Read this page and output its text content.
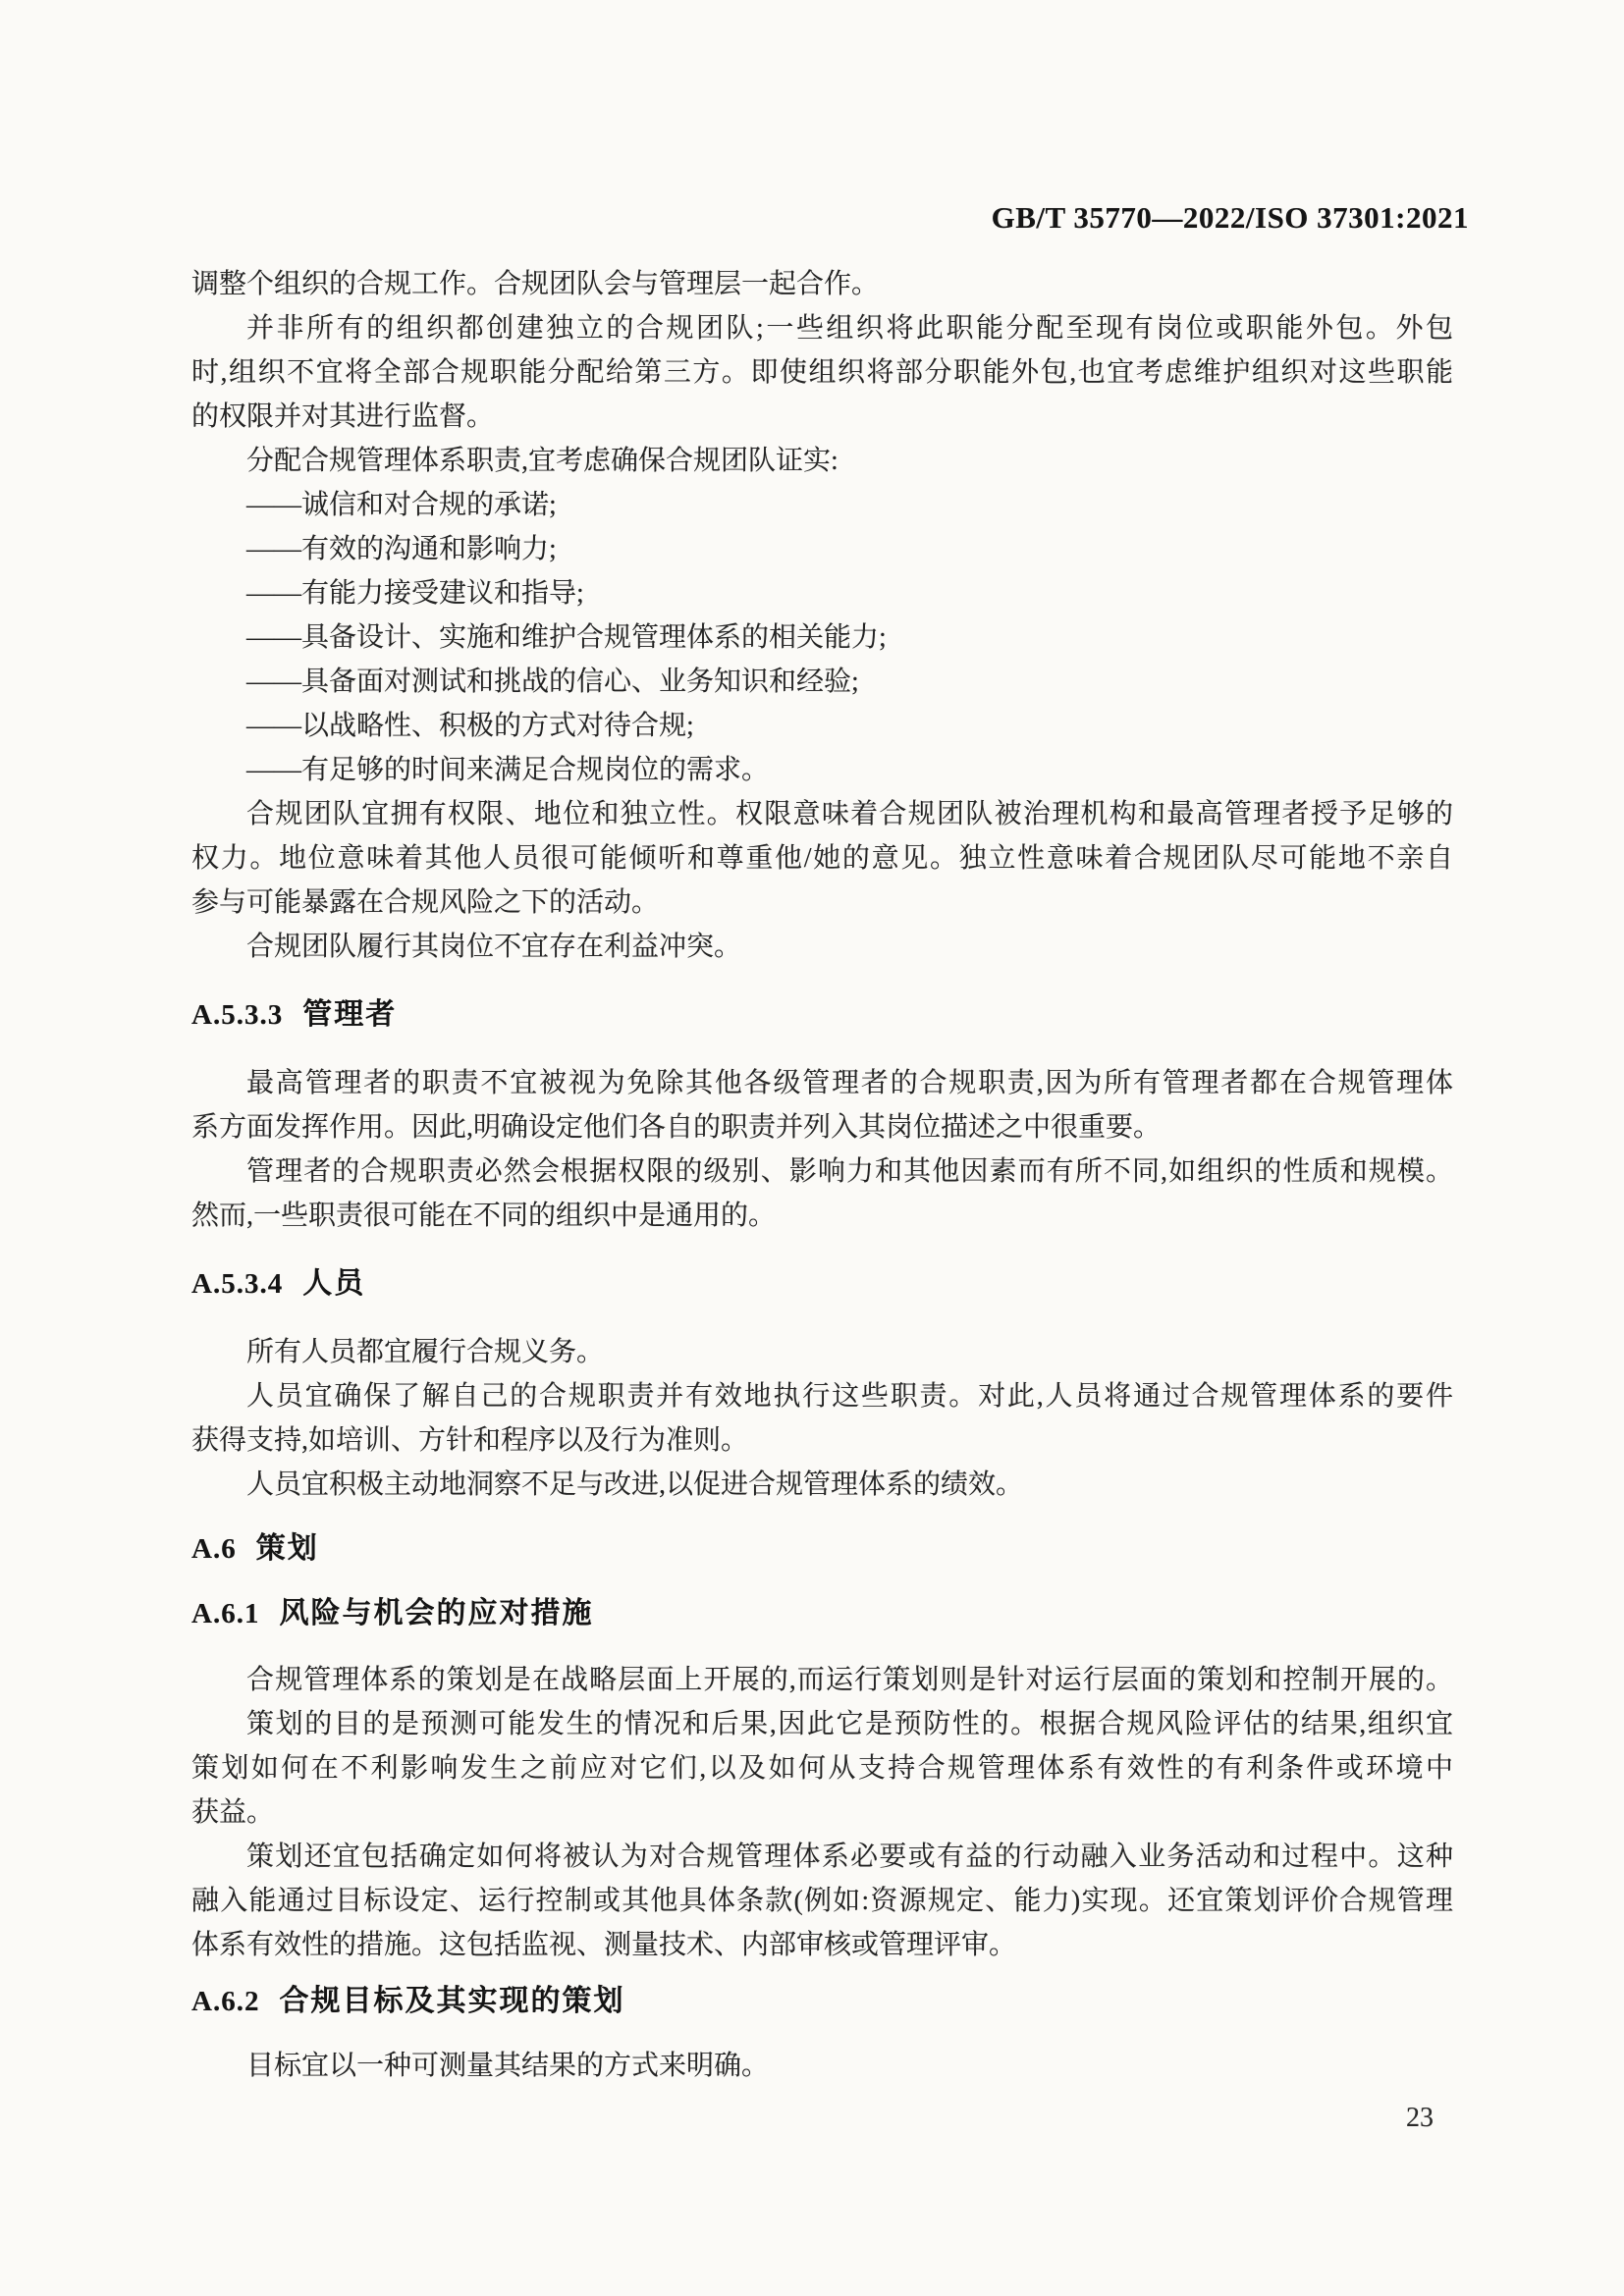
GB/T 35770—2022/ISO 37301:2021
调整个组织的合规工作。合规团队会与管理层一起合作。
并非所有的组织都创建独立的合规团队;一些组织将此职能分配至现有岗位或职能外包。外包
时,组织不宜将全部合规职能分配给第三方。即使组织将部分职能外包,也宜考虑维护组织对这些职能
的权限并对其进行监督。
分配合规管理体系职责,宜考虑确保合规团队证实:
——诚信和对合规的承诺;
——有效的沟通和影响力;
——有能力接受建议和指导;
——具备设计、实施和维护合规管理体系的相关能力;
——具备面对测试和挑战的信心、业务知识和经验;
——以战略性、积极的方式对待合规;
——有足够的时间来满足合规岗位的需求。
合规团队宜拥有权限、地位和独立性。权限意味着合规团队被治理机构和最高管理者授予足够的
权力。地位意味着其他人员很可能倾听和尊重他/她的意见。独立性意味着合规团队尽可能地不亲自
参与可能暴露在合规风险之下的活动。
合规团队履行其岗位不宜存在利益冲突。
A.5.3.3 管理者
最高管理者的职责不宜被视为免除其他各级管理者的合规职责,因为所有管理者都在合规管理体
系方面发挥作用。因此,明确设定他们各自的职责并列入其岗位描述之中很重要。
管理者的合规职责必然会根据权限的级别、影响力和其他因素而有所不同,如组织的性质和规模。
然而,一些职责很可能在不同的组织中是通用的。
A.5.3.4 人员
所有人员都宜履行合规义务。
人员宜确保了解自己的合规职责并有效地执行这些职责。对此,人员将通过合规管理体系的要件
获得支持,如培训、方针和程序以及行为准则。
人员宜积极主动地洞察不足与改进,以促进合规管理体系的绩效。
A.6 策划
A.6.1 风险与机会的应对措施
合规管理体系的策划是在战略层面上开展的,而运行策划则是针对运行层面的策划和控制开展的。
策划的目的是预测可能发生的情况和后果,因此它是预防性的。根据合规风险评估的结果,组织宜
策划如何在不利影响发生之前应对它们,以及如何从支持合规管理体系有效性的有利条件或环境中
获益。
策划还宜包括确定如何将被认为对合规管理体系必要或有益的行动融入业务活动和过程中。这种
融入能通过目标设定、运行控制或其他具体条款(例如:资源规定、能力)实现。还宜策划评价合规管理
体系有效性的措施。这包括监视、测量技术、内部审核或管理评审。
A.6.2 合规目标及其实现的策划
目标宜以一种可测量其结果的方式来明确。
23
